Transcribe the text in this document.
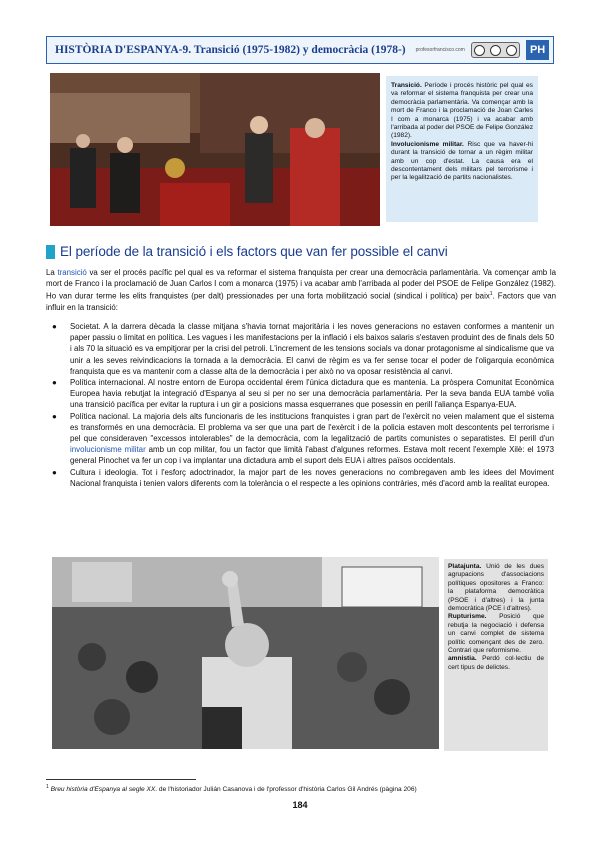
HISTÒRIA D'ESPANYA-9. Transició (1975-1982) y democràcia (1978-) profesorfrancisco.com	PH

Transició. Període i procés històric pel qual es va reformar el sistema franquista per crear una democràcia parlamentària. Va començar amb la mort de Franco i la proclamació de Joan Carles I com a monarca (1975) i va acabar amb l'arribada al poder del PSOE de Felipe González (1982).

Involucionisme militar. Risc que va haver-hi durant la transició de tornar a un règim militar amb un cop d'estat. La causa era el descontentament dels militars pel terrorisme i per la legalització de partits nacionalistes.

El període de la transició i els factors que van fer possible el canvi

La transició va ser el procés pacífic pel qual es va reformar el sistema franquista per crear una democràcia parlamentària. Va començar amb la mort de Franco i la proclamació de Juan Carlos I com a monarca (1975) i va acabar amb l'arribada al poder del PSOE de Felipe González (1982). Ho van durar terme les elits franquistes (per dalt) pressionades per una forta mobilització social (sindical i política) per baix$^1$. Factors que van influir en la transició:

● Societat. A la darrera dècada la classe mitjana s'havia tornat majoritària i les noves generacions no estaven conformes a mantenir un paper passiu o limitat en política. Les vagues i les manifestacions per la inflació i els baixos salaris s'estaven produint des de finals dels 50 i als 70 la situació es va empitjorar per la crisi del petroli. L'increment de les tensions socials va donar protagonisme al sindicalisme que va unir a les seves reivindicacions la tornada a la democràcia. El canvi de règim es va fer sense tocar el poder de l'oligarquia econòmica franquista que es va mantenir com a classe alta de la democràcia i per això no va oposar resistència al canvi.
● Política internacional. Al nostre entorn de Europa occidental érem l'única dictadura que es mantenia. La pròspera Comunitat Econòmica Europea havia rebutjat la integració d'Espanya al seu si per no ser una democràcia parlamentària. Per la seva banda EUA també volia una transició pacífica per evitar la ruptura i un gir a posicions massa esquerranes que posessin en perill l'aliança Espanya-EUA.
● Política nacional. La majoria dels alts funcionaris de les institucions franquistes i gran part de l'exèrcit no veien malament que el sistema es transformés en una democràcia. El problema va ser que una part de l'exèrcit i de la policia estaven molt descontents pel terrorisme i pel que consideraven "excessos intolerables" de la democràcia, com la legalització de partits comunistes o separatistes. El perill d'un involucionisme militar amb un cop militar, fou un factor que limità l'abast d'algunes reformes. Estava molt recent l'exemple Xilè: el 1973 general Pinochet va fer un cop i va implantar una dictadura amb el suport dels EUA i altres països occidentals.
● Cultura i ideologia. Tot i l'esforç adoctrinador, la major part de les noves generacions no combregaven amb les idees del Moviment Nacional franquista i tenien valors diferents com la tolerància o el respecte a les opinions contràries, més d'acord amb la realitat europea.

Platajunta. Unió de les dues agrupacions d'associacions polítiques opositores a Franco: la plataforma democràtica (PSOE i d'altres) i la junta democràtica (PCE i d'altres).

Rupturisme. Posició que rebutja la negociació i defensa un canvi complet de sistema polític començant des de zero. Contrari que reformisme.

amnistia. Perdó col·lectiu de cert tipus de delictes.

$^1$ Breu història d'Espanya al segle XX. de l'historiador Julián Casanova i de l'professor d'història Carlos Gil Andrés (pàgina 206)

184
